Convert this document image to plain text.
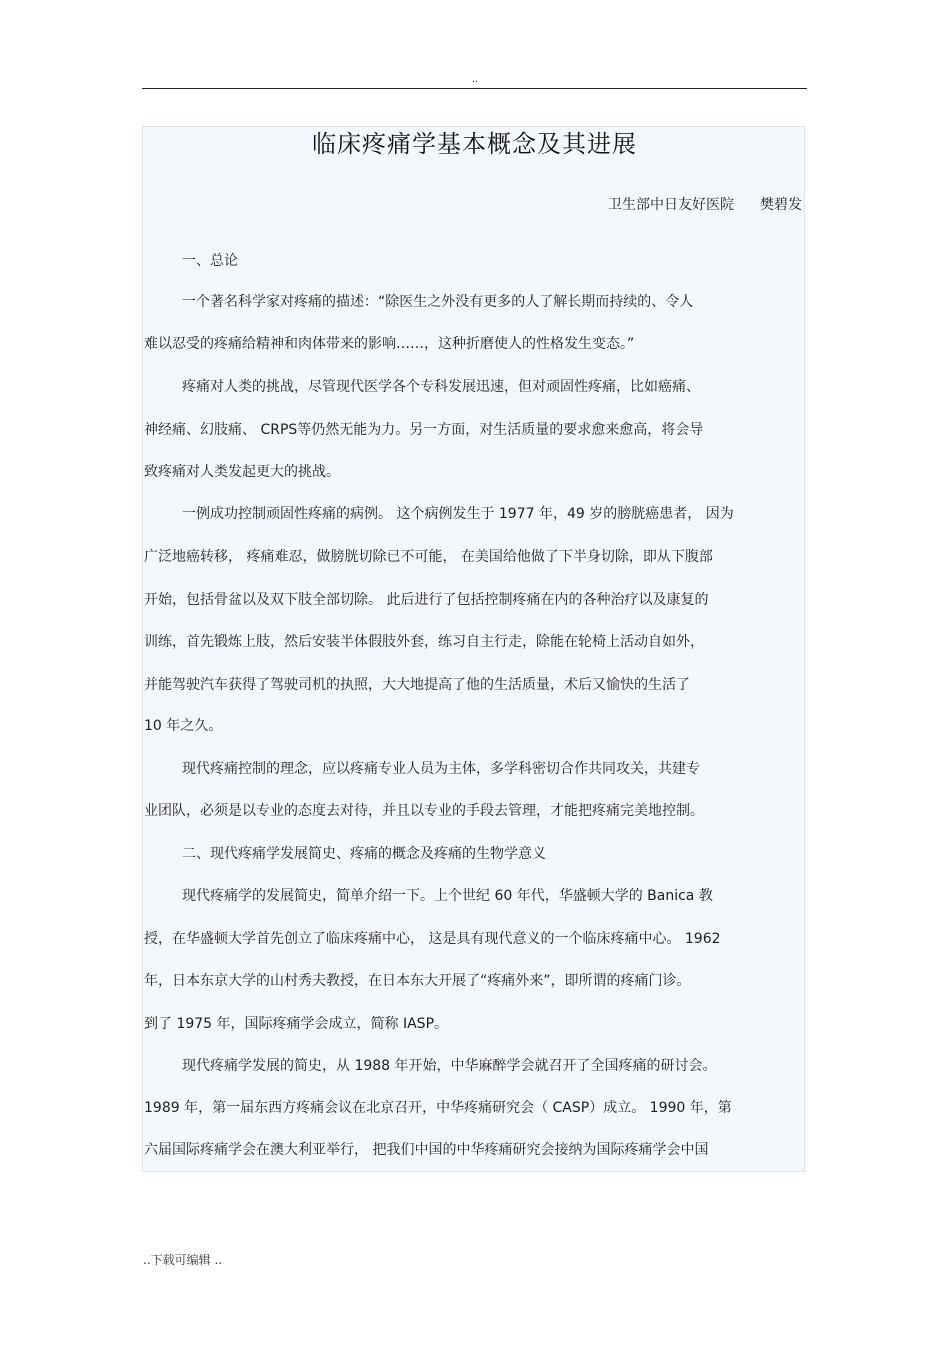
..
临床疼痛学基本概念及其进展
卫生部中日友好医院 樊碧发
一、总论
一个著名科学家对疼痛的描述：“除医生之外没有更多的人了解长期而持续的、令人
难以忍受的疼痛给精神和肉体带来的影响……，这种折磨使人的性格发生变态。”
疼痛对人类的挑战，尽管现代医学各个专科发展迅速，但对顽固性疼痛，比如癌痛、
神经痛、幻肢痛、 CRPS等仍然无能为力。另一方面，对生活质量的要求愈来愈高，将会导
致疼痛对人类发起更大的挑战。
一例成功控制顽固性疼痛的病例。 这个病例发生于 1977 年，49 岁的膀胱癌患者， 因为
广泛地癌转移， 疼痛难忍，做膀胱切除已不可能， 在美国给他做了下半身切除，即从下腹部
开始，包括骨盆以及双下肢全部切除。 此后进行了包括控制疼痛在内的各种治疗以及康复的
训练，首先锻炼上肢，然后安装半体假肢外套，练习自主行走，除能在轮椅上活动自如外，
并能驾驶汽车获得了驾驶司机的执照，大大地提高了他的生活质量，术后又愉快的生活了
10 年之久。
现代疼痛控制的理念，应以疼痛专业人员为主体，多学科密切合作共同攻关，共建专
业团队，必须是以专业的态度去对待，并且以专业的手段去管理，才能把疼痛完美地控制。
二、现代疼痛学发展简史、疼痛的概念及疼痛的生物学意义
现代疼痛学的发展简史，简单介绍一下。上个世纪 60 年代，华盛顿大学的 Banica 教
授，在华盛顿大学首先创立了临床疼痛中心， 这是具有现代意义的一个临床疼痛中心。 1962
年，日本东京大学的山村秀夫教授，在日本东大开展了“疼痛外来”，即所谓的疼痛门诊。
到了 1975 年，国际疼痛学会成立，简称 IASP。
现代疼痛学发展的简史，从 1988 年开始，中华麻醉学会就召开了全国疼痛的研讨会。
1989 年，第一届东西方疼痛会议在北京召开，中华疼痛研究会（ CASP）成立。 1990 年，第
六届国际疼痛学会在澳大利亚举行， 把我们中国的中华疼痛研究会接纳为国际疼痛学会中国
..下载可编辑 ..
